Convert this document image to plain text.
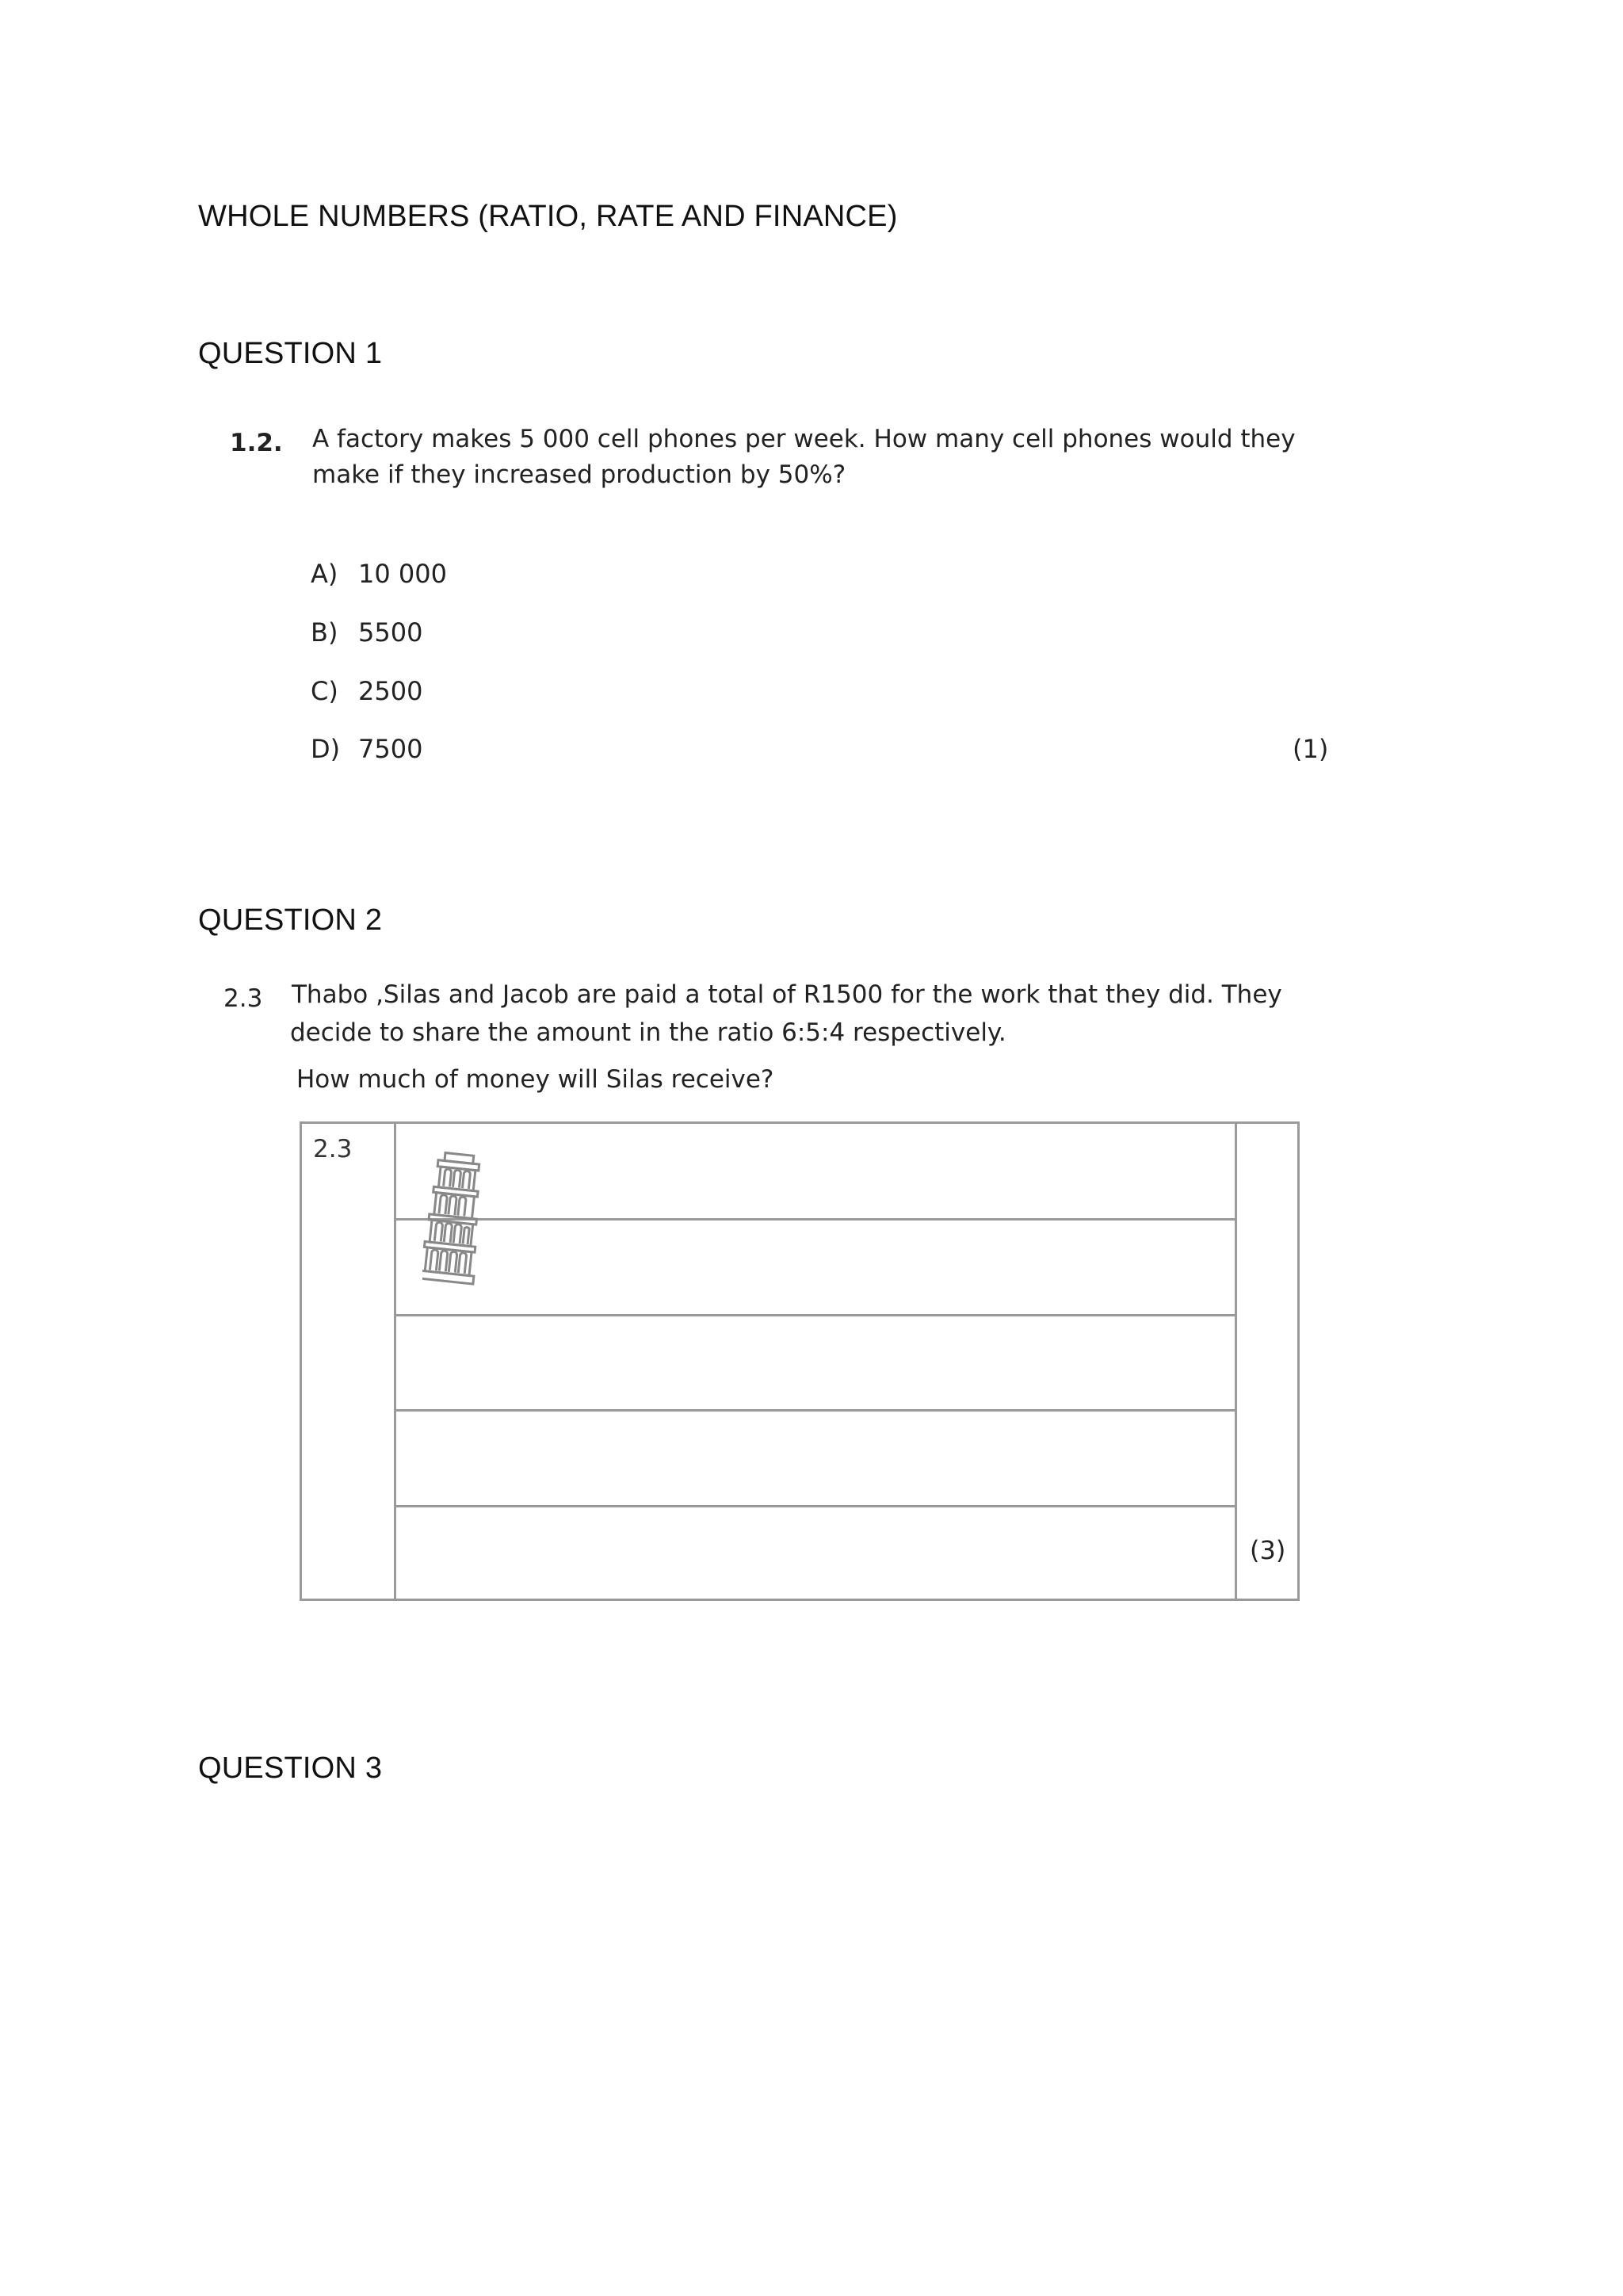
WHOLE NUMBERS (RATIO, RATE AND FINANCE)
QUESTION 1
1.2. A factory makes 5 000 cell phones per week. How many cell phones would they
make if they increased production by 50%?
A) 10 000
B) 5500
C) 2500
D) 7500	(1)
QUESTION 2
2.3 Thabo ,Silas and Jacob are paid a total of R1500 for the work that they did. They
decide to share the amount in the ratio 6:5:4 respectively.
How much of money will Silas receive?
2.3
(3)
QUESTION 3
